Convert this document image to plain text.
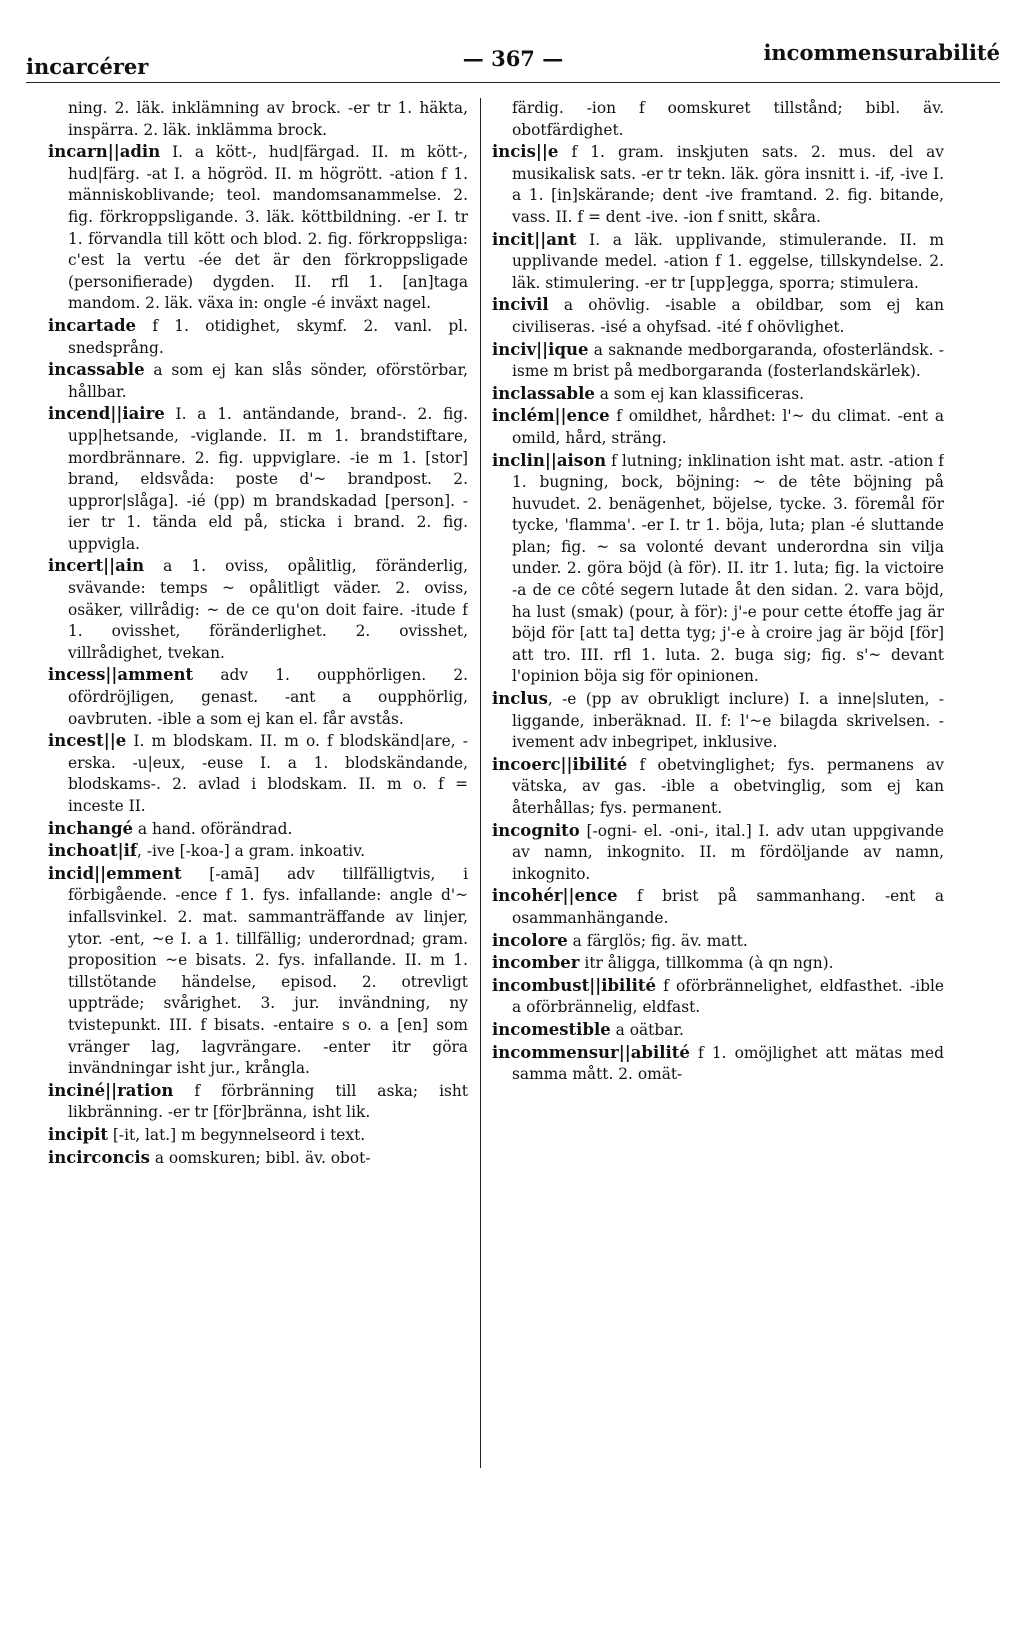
incarcérer	— 367 —	incommensurabilité

ning. 2. läk. inklämning av brock. -er tr 1. häkta, inspärra. 2. läk. inklämma brock.

incarn||adin I. a kött-, hud|färgad. II. m kött-, hud|färg. -at I. a högröd. II. m högrött. -ation f 1. människoblivande; teol. mandomsanammelse. 2. fig. förkroppsligande. 3. läk. köttbildning. -er I. tr 1. förvandla till kött och blod. 2. fig. förkroppsliga: c'est la vertu -ée det är den förkroppsligade (personifierade) dygden. II. rfl 1. [an]taga mandom. 2. läk. växa in: ongle -é inväxt nagel.

incartade f 1. otidighet, skymf. 2. vanl. pl. snedsprång.

incassable a som ej kan slås sönder, oförstörbar, hållbar.

incend||iaire I. a 1. antändande, brand-. 2. fig. upp|hetsande, -viglande. II. m 1. brandstiftare, mordbrännare. 2. fig. uppviglare. -ie m 1. [stor] brand, eldsvåda: poste d'~ brandpost. 2. uppror|slåga]. -ié (pp) m brandskadad [person]. -ier tr 1. tända eld på, sticka i brand. 2. fig. uppvigla.

incert||ain a 1. oviss, opålitlig, föränderlig, svävande: temps ~ opålitligt väder. 2. oviss, osäker, villrådig: ~ de ce qu'on doit faire. -itude f 1. ovisshet, föränderlighet. 2. ovisshet, villrådighet, tvekan.

incess||amment adv 1. oupphörligen. 2. ofördröjligen, genast. -ant a oupphörlig, oavbruten. -ible a som ej kan el. får avstås.

incest||e I. m blodskam. II. m o. f blodskänd|are, -erska. -u|eux, -euse I. a 1. blodskändande, blodskams-. 2. avlad i blodskam. II. m o. f = inceste II.

inchangé a hand. oförändrad.

inchoat|if, -ive [-koa-] a gram. inkoativ.

incid||emment [-amā] adv tillfälligtvis, i förbigående. -ence f 1. fys. infallande: angle d'~ infallsvinkel. 2. mat. sammanträffande av linjer, ytor. -ent, ~e I. a 1. tillfällig; underordnad; gram. proposition ~e bisats. 2. fys. infallande. II. m 1. tillstötande händelse, episod. 2. otrevligt uppträde; svårighet. 3. jur. invändning, ny tvistepunkt. III. f bisats. -entaire s o. a [en] som vränger lag, lagvrängare. -enter itr göra invändningar isht jur., krångla.

inciné||ration f förbränning till aska; isht likbränning. -er tr [för]bränna, isht lik.

incipit [-it, lat.] m begynnelseord i text.

incirconcis a oomskuren; bibl. äv. obot-

färdig. -ion f oomskuret tillstånd; bibl. äv. obotfärdighet.

incis||e f 1. gram. inskjuten sats. 2. mus. del av musikalisk sats. -er tr tekn. läk. göra insnitt i. -if, -ive I. a 1. [in]skärande; dent -ive framtand. 2. fig. bitande, vass. II. f = dent -ive. -ion f snitt, skåra.

incit||ant I. a läk. upplivande, stimulerande. II. m upplivande medel. -ation f 1. eggelse, tillskyndelse. 2. läk. stimulering. -er tr [upp]egga, sporra; stimulera.

incivil a ohövlig. -isable a obildbar, som ej kan civiliseras. -isé a ohyfsad. -ité f ohövlighet.

inciv||ique a saknande medborgaranda, ofosterländsk. -isme m brist på medborgaranda (fosterlandskärlek).

inclassable a som ej kan klassificeras.

inclém||ence f omildhet, hårdhet: l'~ du climat. -ent a omild, hård, sträng.

inclin||aison f lutning; inklination isht mat. astr. -ation f 1. bugning, bock, böjning: ~ de tête böjning på huvudet. 2. benägenhet, böjelse, tycke. 3. föremål för tycke, 'flamma'. -er I. tr 1. böja, luta; plan -é sluttande plan; fig. ~ sa volonté devant underordna sin vilja under. 2. göra böjd (à för). II. itr 1. luta; fig. la victoire -a de ce côté segern lutade åt den sidan. 2. vara böjd, ha lust (smak) (pour, à för): j'-e pour cette étoffe jag är böjd för [att ta] detta tyg; j'-e à croire jag är böjd [för] att tro. III. rfl 1. luta. 2. buga sig; fig. s'~ devant l'opinion böja sig för opinionen.

inclus, -e (pp av obrukligt inclure) I. a inne|sluten, -liggande, inberäknad. II. f: l'~e bilagda skrivelsen. -ivement adv inbegripet, inklusive.

incoerc||ibilité f obetvinglighet; fys. permanens av vätska, av gas. -ible a obetvinglig, som ej kan återhållas; fys. permanent.

incognito [-ogni- el. -oni-, ital.] I. adv utan uppgivande av namn, inkognito. II. m fördöljande av namn, inkognito.

incohér||ence f brist på sammanhang. -ent a osammanhängande.

incolore a färglös; fig. äv. matt.

incomber itr åligga, tillkomma (à qn ngn).

incombust||ibilité f oförbrännelighet, eldfasthet. -ible a oförbrännelig, eldfast.

incomestible a oätbar.

incommensur||abilité f 1. omöjlighet att mätas med samma mått. 2. omät-
